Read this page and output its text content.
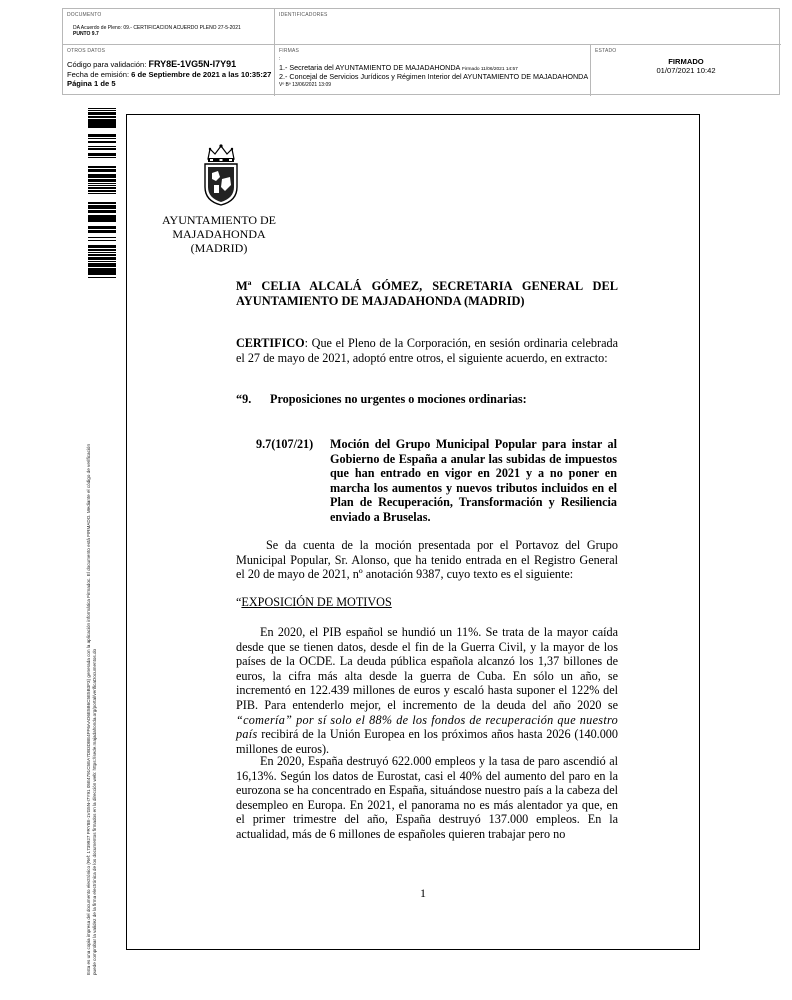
DOCUMENTO
DA Acuerdo de Pleno: 09.- CERTIFICACION ACUERDO PLENO 27-5-2021
PUNTO 9.7
IDENTIFICADORES
OTROS DATOS
Código para validación: FRY8E-1VG5N-I7Y91
Fecha de emisión: 6 de Septiembre de 2021 a las 10:35:27
Página 1 de 5
FIRMAS
:
1.- Secretaria del AYUNTAMIENTO DE MAJADAHONDA Firmado 11/06/2021 14:57
2.- Concejal de Servicios Jurídicos y Régimen Interior del AYUNTAMIENTO DE MAJADAHONDA
Vº Bº 13/06/2021 13:09
ESTADO
FIRMADO
01/07/2021 10:42
Esta es una copia impresa del documento electrónico (Ref: 1739927 FRY8E-1VG5N-I7Y91 05E4791C5EA7DB3DBE4FF6AAD6E5B6C5E5B3F3) generada con la aplicación informática Firmadoc. El documento está FIRMADO. Mediante el código de verificación puede comprobar la validez de la firma electrónica de los documentos firmados en la dirección web: https://sede.majadahonda.org/portal/verificaDocumentos.do
AYUNTAMIENTO DE
MAJADAHONDA
(MADRID)
Mª CELIA ALCALÁ GÓMEZ, SECRETARIA GENERAL DEL AYUNTAMIENTO DE MAJADAHONDA (MADRID)
CERTIFICO: Que el Pleno de la Corporación, en sesión ordinaria celebrada el 27 de mayo de 2021, adoptó entre otros, el siguiente acuerdo, en extracto:
“9. Proposiciones no urgentes o mociones ordinarias:
9.7(107/21)	Moción del Grupo Municipal Popular para instar al Gobierno de España a anular las subidas de impuestos que han entrado en vigor en 2021 y a no poner en marcha los aumentos y nuevos tributos incluidos en el Plan de Recuperación, Transformación y Resiliencia enviado a Bruselas.
Se da cuenta de la moción presentada por el Portavoz del Grupo Municipal Popular, Sr. Alonso, que ha tenido entrada en el Registro General el 20 de mayo de 2021, nº anotación 9387, cuyo texto es el siguiente:
“EXPOSICIÓN DE MOTIVOS
En 2020, el PIB español se hundió un 11%. Se trata de la mayor caída desde que se tienen datos, desde el fin de la Guerra Civil, y la mayor de los países de la OCDE. La deuda pública española alcanzó los 1,37 billones de euros, la cifra más alta desde la guerra de Cuba. En sólo un año, se incrementó en 122.439 millones de euros y escaló hasta suponer el 122% del PIB. Para entenderlo mejor, el incremento de la deuda del año 2020 se “comería” por sí solo el 88% de los fondos de recuperación que nuestro país recibirá de la Unión Europea en los próximos años hasta 2026 (140.000 millones de euros).
En 2020, España destruyó 622.000 empleos y la tasa de paro ascendió al 16,13%. Según los datos de Eurostat, casi el 40% del aumento del paro en la eurozona se ha concentrado en España, situándose nuestro país a la cabeza del desempleo en Europa. En 2021, el panorama no es más alentador ya que, en el primer trimestre del año, España destruyó 137.000 empleos. En la actualidad, más de 6 millones de españoles quieren trabajar pero no
1
